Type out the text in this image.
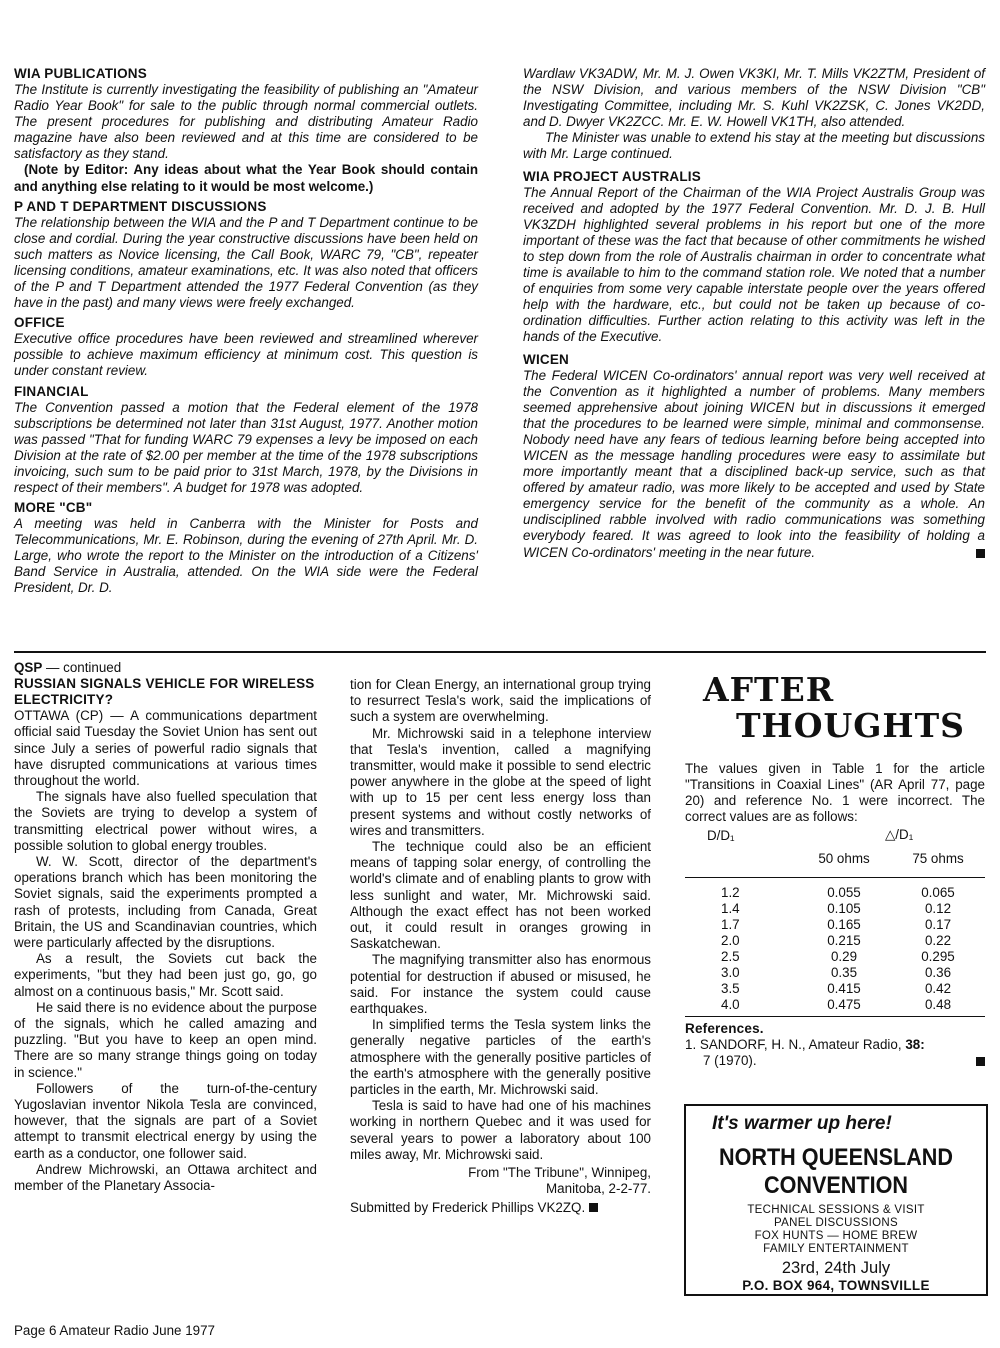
WIA PUBLICATIONS

The Institute is currently investigating the feasibility of publishing an "Amateur Radio Year Book" for sale to the public through normal commercial outlets. The present procedures for publishing and distributing Amateur Radio magazine have also been reviewed and at this time are considered to be satisfactory as they stand.

(Note by Editor: Any ideas about what the Year Book should contain and anything else relating to it would be most welcome.)

P AND T DEPARTMENT DISCUSSIONS

The relationship between the WIA and the P and T Department continue to be close and cordial. During the year constructive discussions have been held on such matters as Novice licensing, the Call Book, WARC 79, "CB", repeater licensing conditions, amateur examinations, etc. It was also noted that officers of the P and T Department attended the 1977 Federal Convention (as they have in the past) and many views were freely exchanged.

OFFICE

Executive office procedures have been reviewed and streamlined wherever possible to achieve maximum efficiency at minimum cost. This question is under constant review.

FINANCIAL

The Convention passed a motion that the Federal element of the 1978 subscriptions be determined not later than 31st August, 1977. Another motion was passed "That for funding WARC 79 expenses a levy be imposed on each Division at the rate of $2.00 per member at the time of the 1978 subscriptions invoicing, such sum to be paid prior to 31st March, 1978, by the Divisions in respect of their members". A budget for 1978 was adopted.

MORE "CB"

A meeting was held in Canberra with the Minister for Posts and Telecommunications, Mr. E. Robinson, during the evening of 27th April. Mr. D. Large, who wrote the report to the Minister on the introduction of a Citizens' Band Service in Australia, attended. On the WIA side were the Federal President, Dr. D.

Wardlaw VK3ADW, Mr. M. J. Owen VK3KI, Mr. T. Mills VK2ZTM, President of the NSW Division, and various members of the NSW Division "CB" Investigating Committee, including Mr. S. Kuhl VK2ZSK, C. Jones VK2DD, and D. Dwyer VK2ZCC. Mr. E. W. Howell VK1TH, also attended.

The Minister was unable to extend his stay at the meeting but discussions with Mr. Large continued.

WIA PROJECT AUSTRALIS

The Annual Report of the Chairman of the WIA Project Australis Group was received and adopted by the 1977 Federal Convention. Mr. D. J. B. Hull VK3ZDH highlighted several problems in his report but one of the more important of these was the fact that because of other commitments he wished to step down from the role of Australis chairman in order to concentrate what time is available to him to the command station role. We noted that a number of enquiries from some very capable interstate people over the years offered help with the hardware, etc., but could not be taken up because of co-ordination difficulties. Further action relating to this activity was left in the hands of the Executive.

WICEN

The Federal WICEN Co-ordinators' annual report was very well received at the Convention as it highlighted a number of problems. Many members seemed apprehensive about joining WICEN but in discussions it emerged that the procedures to be learned were simple, minimal and commonsense. Nobody need have any fears of tedious learning before being accepted into WICEN as the message handling procedures were easy to assimilate but more importantly meant that a disciplined back-up service, such as that offered by amateur radio, was more likely to be accepted and used by State emergency service for the benefit of the community as a whole. An undisciplined rabble involved with radio communications was something everybody feared. It was agreed to look into the feasibility of holding a WICEN Co-ordinators' meeting in the near future.

QSP — continued

RUSSIAN SIGNALS VEHICLE FOR WIRELESS ELECTRICITY?

OTTAWA (CP) — A communications department official said Tuesday the Soviet Union has sent out since July a series of powerful radio signals that have disrupted communications at various times throughout the world.

The signals have also fuelled speculation that the Soviets are trying to develop a system of transmitting electrical power without wires, a possible solution to global energy troubles.

W. W. Scott, director of the department's operations branch which has been monitoring the Soviet signals, said the experiments prompted a rash of protests, including from Canada, Great Britain, the US and Scandinavian countries, which were particularly affected by the disruptions.

As a result, the Soviets cut back the experiments, "but they had been just go, go, go almost on a continuous basis," Mr. Scott said.

He said there is no evidence about the purpose of the signals, which he called amazing and puzzling. "But you have to keep an open mind. There are so many strange things going on today in science."

Followers of the turn-of-the-century Yugoslavian inventor Nikola Tesla are convinced, however, that the signals are part of a Soviet attempt to transmit electrical energy by using the earth as a conductor, one follower said.

Andrew Michrowski, an Ottawa architect and member of the Planetary Associa-

tion for Clean Energy, an international group trying to resurrect Tesla's work, said the implications of such a system are overwhelming.

Mr. Michrowski said in a telephone interview that Tesla's invention, called a magnifying transmitter, would make it possible to send electric power anywhere in the globe at the speed of light with up to 15 per cent less energy loss than present systems and without costly networks of wires and transmitters.

The technique could also be an efficient means of tapping solar energy, of controlling the world's climate and of enabling plants to grow with less sunlight and water, Mr. Michrowski said. Although the exact effect has not been worked out, it could result in oranges growing in Saskatchewan.

The magnifying transmitter also has enormous potential for destruction if abused or misused, he said. For instance the system could cause earthquakes.

In simplified terms the Tesla system links the generally negative particles of the earth's atmosphere with the generally positive particles of the earth's atmosphere with the generally positive particles in the earth, Mr. Michrowski said.

Tesla is said to have had one of his machines working in northern Quebec and it was used for several years to power a laboratory about 100 miles away, Mr. Michrowski said.

From "The Tribune", Winnipeg,

Manitoba, 2-2-77.

Submitted by Frederick Phillips VK2ZQ.

AFTER

THOUGHTS

The values given in Table 1 for the article "Transitions in Coaxial Lines" (AR April 77, page 20) and reference No. 1 were incorrect. The correct values are as follows:

D/D₁	△/D₁	
	50 ohms	75 ohms
1.2	0.055	0.065
1.4	0.105	0.12
1.7	0.165	0.17
2.0	0.215	0.22
2.5	0.29	0.295
3.0	0.35	0.36
3.5	0.415	0.42
4.0	0.475	0.48

References.

1. SANDORF, H. N., Amateur Radio, 38:

7 (1970).

It's warmer up here!

NORTH QUEENSLAND

CONVENTION

TECHNICAL SESSIONS & VISIT

PANEL DISCUSSIONS

FOX HUNTS — HOME BREW

FAMILY ENTERTAINMENT

23rd, 24th July

P.O. BOX 964, TOWNSVILLE

Page 6 Amateur Radio June 1977
